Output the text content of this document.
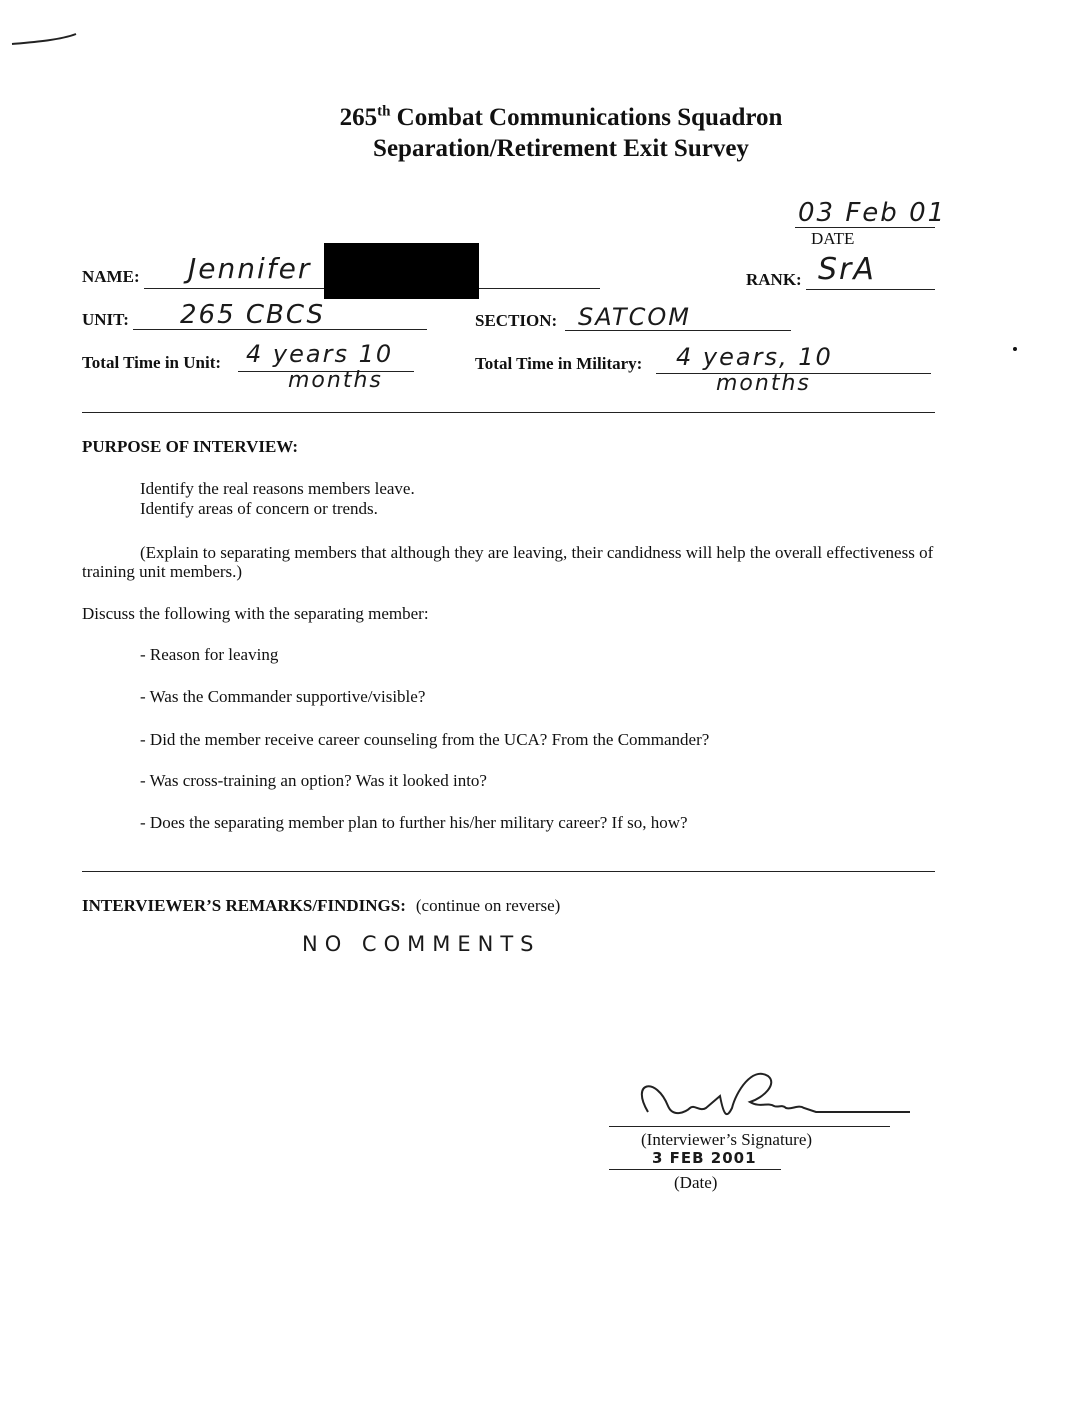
265th Combat Communications Squadron
Separation/Retirement Exit Survey
03 Feb 01
DATE
NAME: Jennifer	RANK: SrA
UNIT: 265 CBCS	SECTION: SATCOM
Total Time in Unit: 4 years 10
months
Total Time in Military: 4 years, 10
months
PURPOSE OF INTERVIEW:
Identify the real reasons members leave.
Identify areas of concern or trends.
(Explain to separating members that although they are leaving, their candidness will help the overall effectiveness of
training unit members.)
Discuss the following with the separating member:
- Reason for leaving
- Was the Commander supportive/visible?
- Did the member receive career counseling from the UCA? From the Commander?
- Was cross-training an option? Was it looked into?
- Does the separating member plan to further his/her military career? If so, how?
INTERVIEWER’S REMARKS/FINDINGS: (continue on reverse)
NO COMMENTS
(Interviewer’s Signature)
3 FEB 2001
(Date)
